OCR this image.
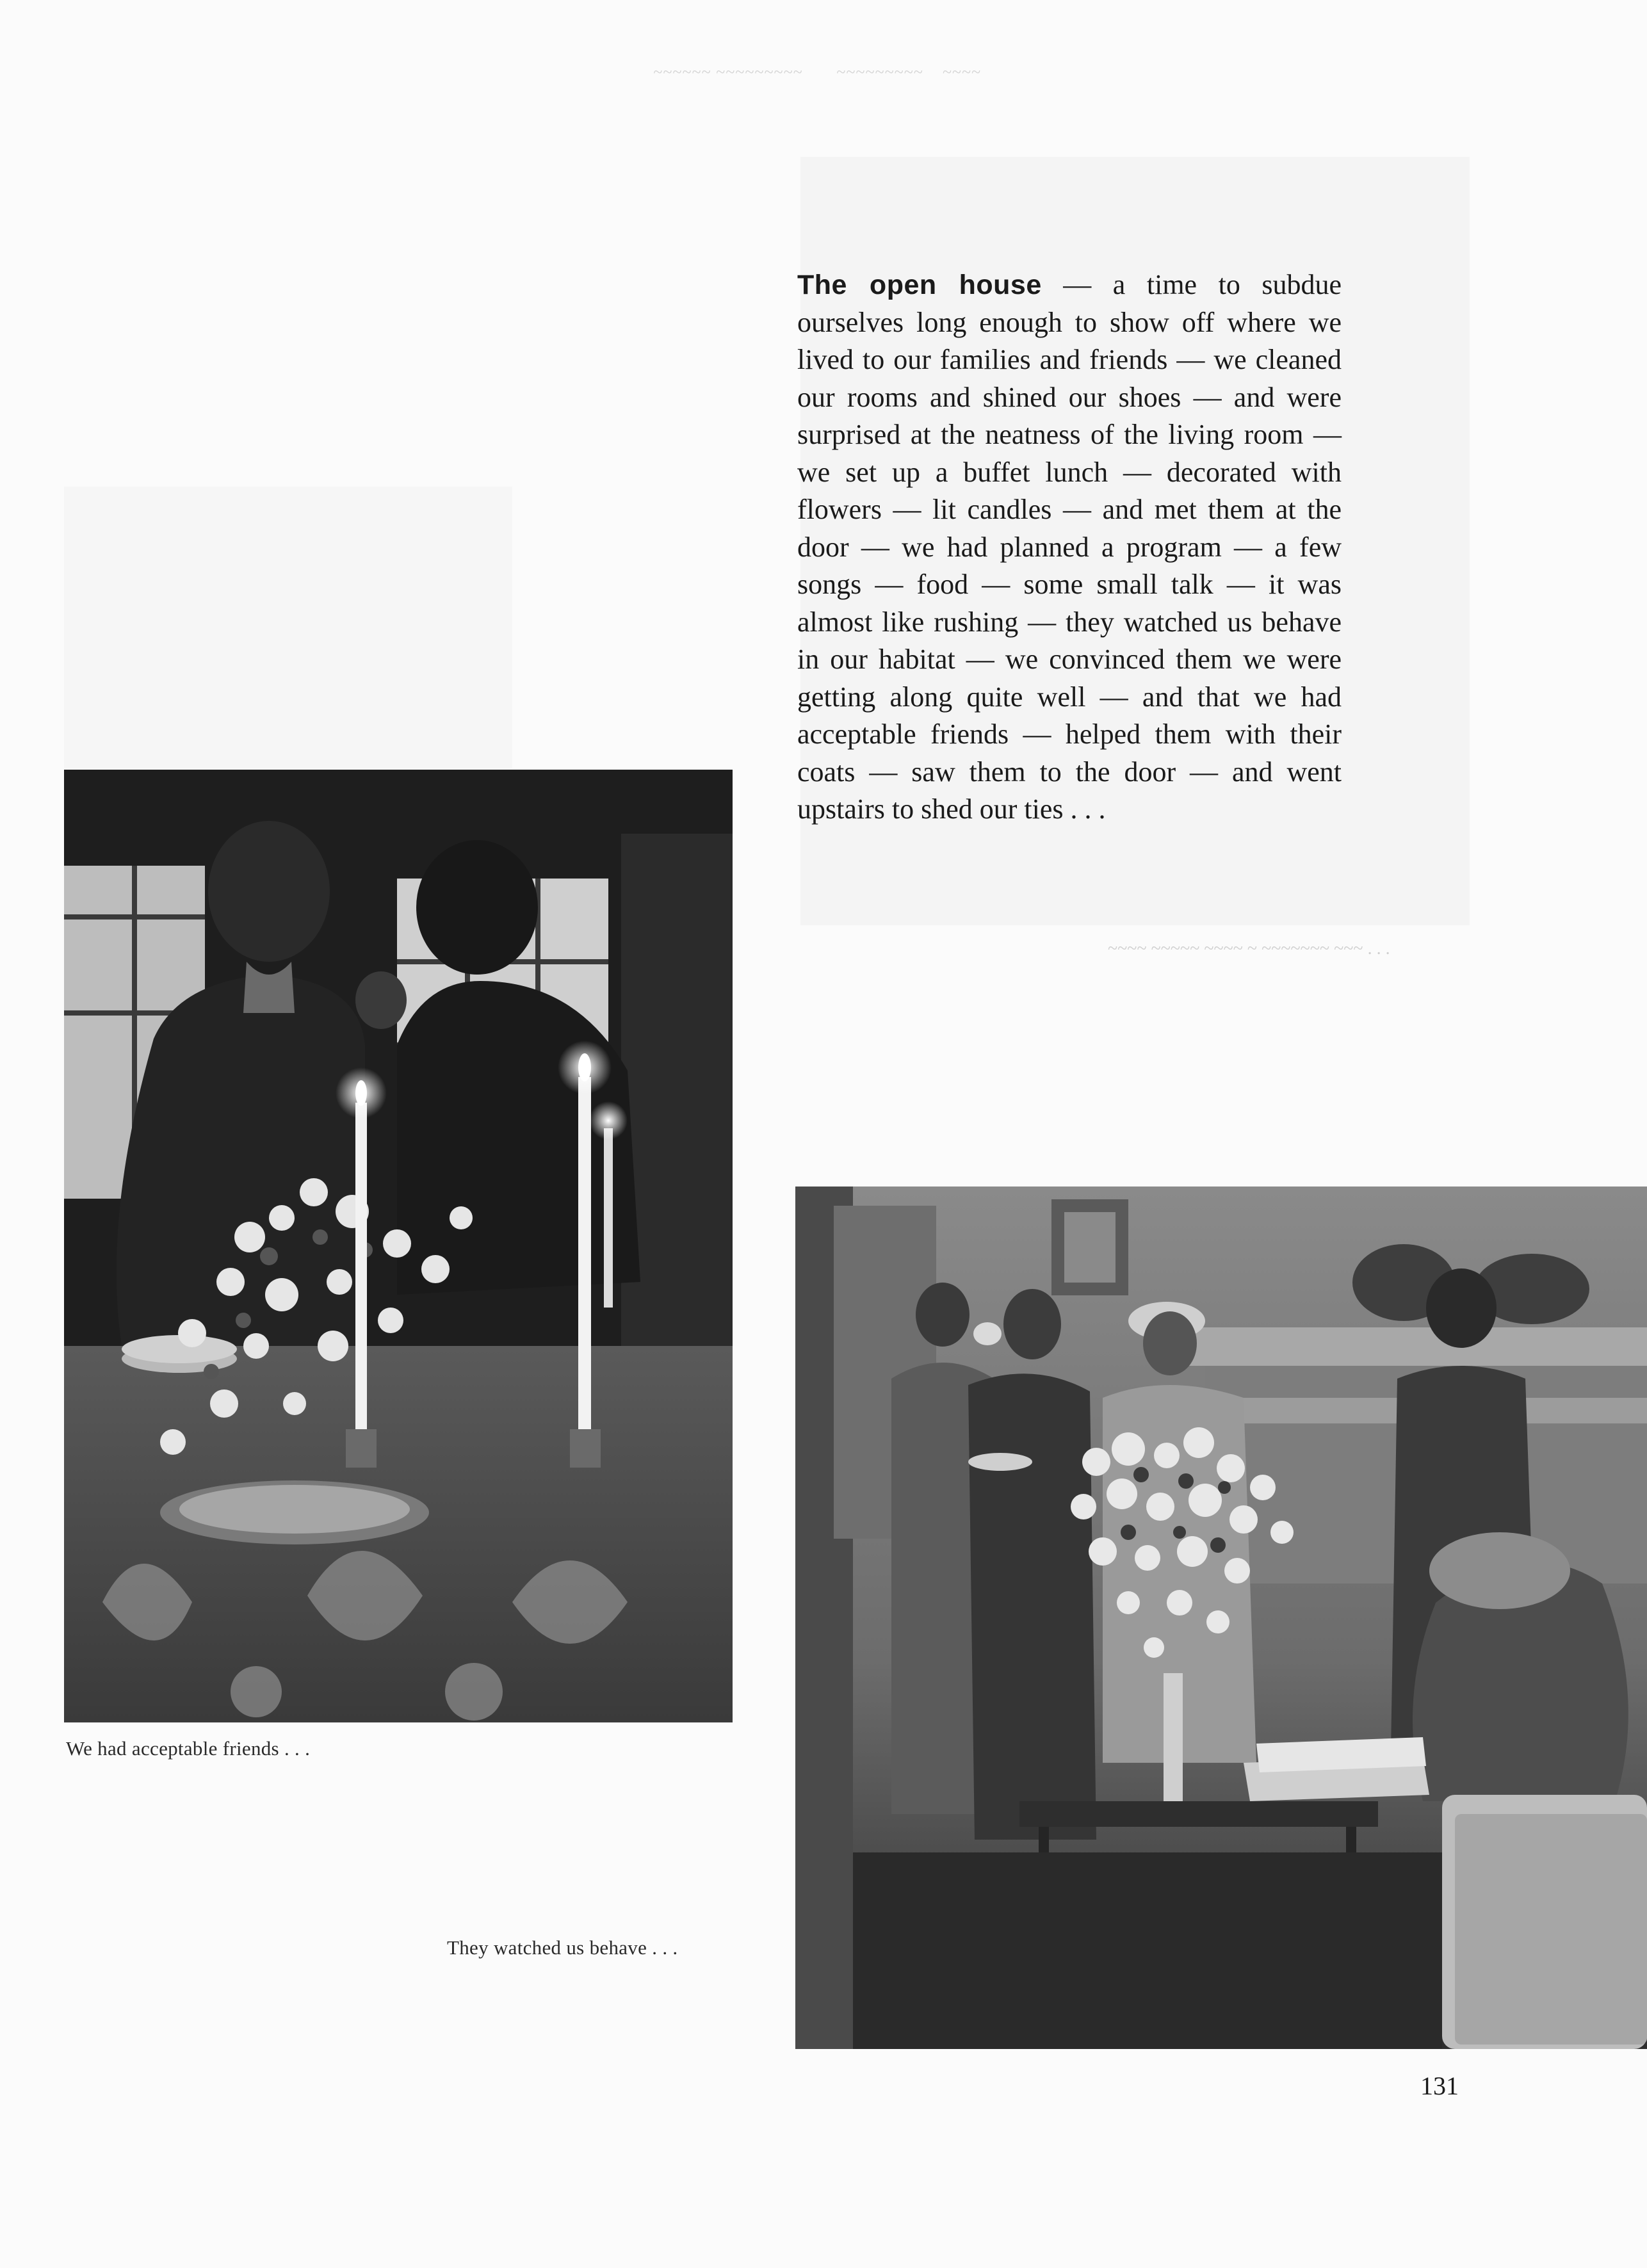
~~~~~~ ~~~~~~~~~       ~~~~~~~~~    ~~~~
~~~~ ~~~~~ ~~~~ ~ ~~~~~~~ ~~~ . . .
The open house — a time to subdue ourselves long enough to show off where we lived to our families and friends — we cleaned our rooms and shined our shoes — and were surprised at the neatness of the living room — we set up a buffet lunch — decorated with flowers — lit candles — and met them at the door — we had planned a program — a few songs — food — some small talk — it was almost like rushing — they watched us behave in our habitat — we convinced them we were getting along quite well — and that we had acceptable friends — helped them with their coats — saw them to the door — and went upstairs to shed our ties . . .
We had acceptable friends . . .
They watched us behave . . .
131
